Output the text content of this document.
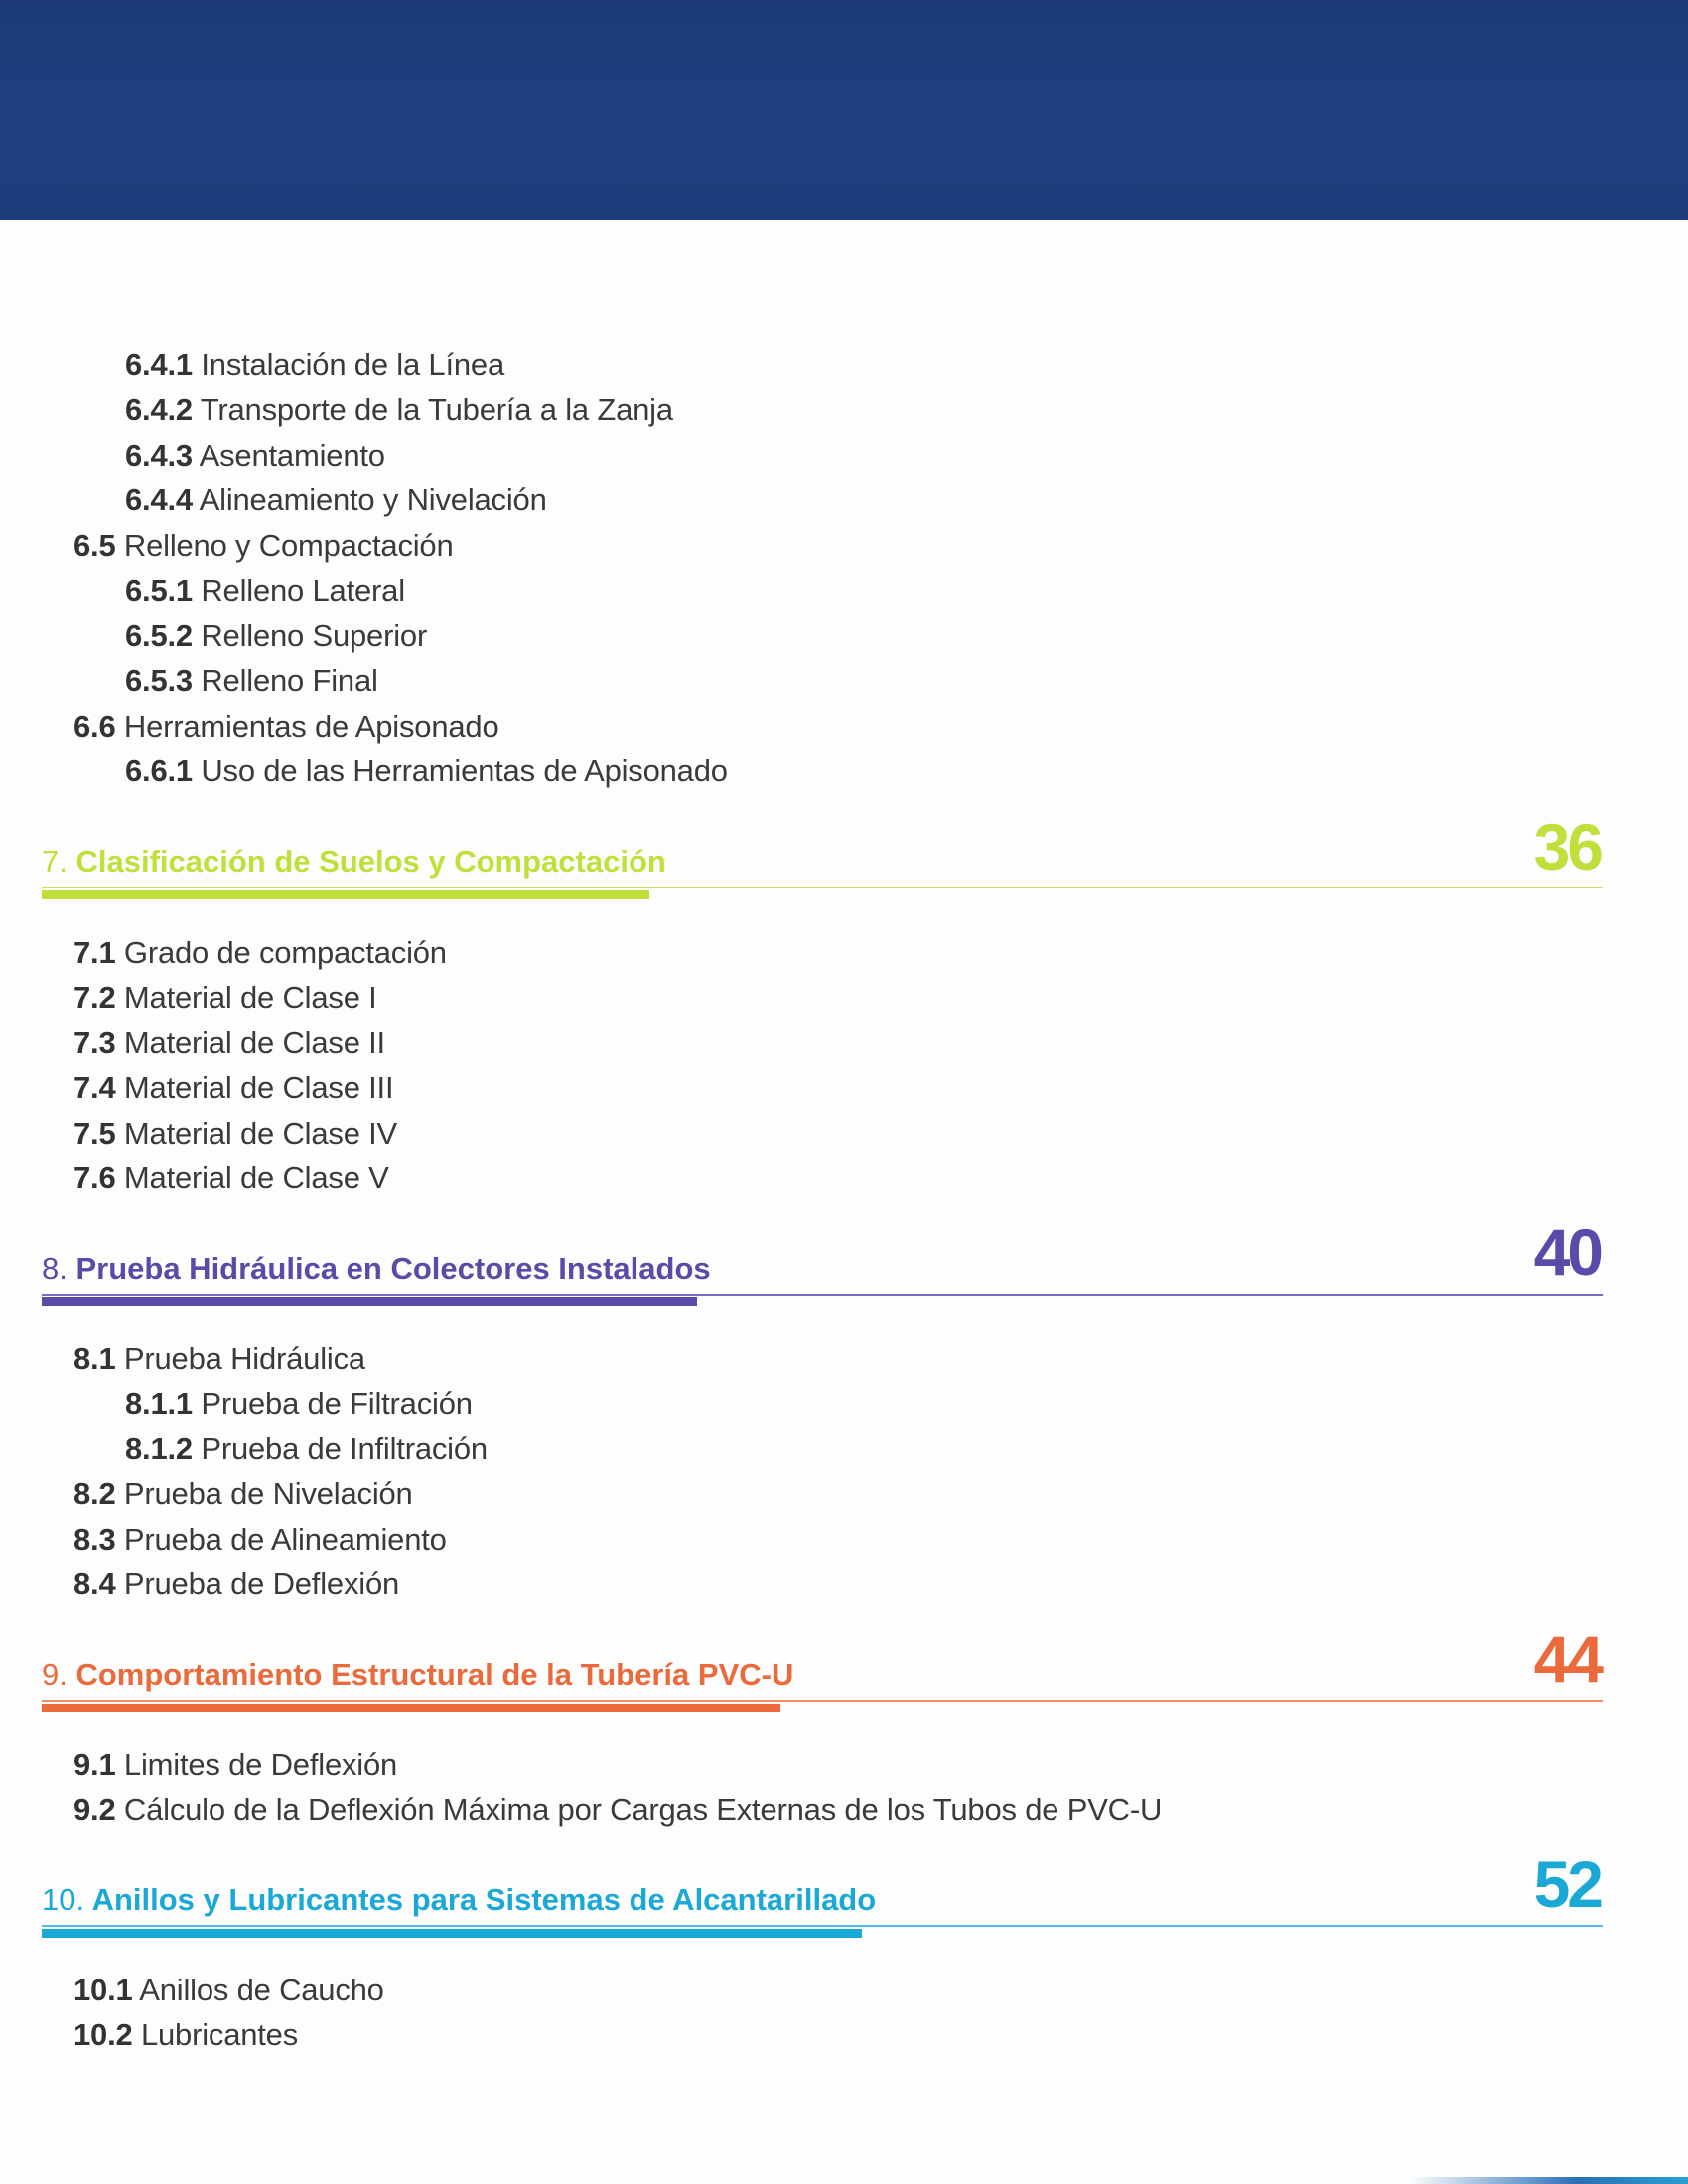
6.4.1 Instalación de la Línea
6.4.2 Transporte de la Tubería a la Zanja
6.4.3 Asentamiento
6.4.4 Alineamiento y Nivelación
6.5 Relleno y Compactación
6.5.1 Relleno Lateral
6.5.2 Relleno Superior
6.5.3 Relleno Final
6.6 Herramientas de Apisonado
6.6.1 Uso de las Herramientas de Apisonado
7. Clasificación de Suelos y Compactación	36
7.1 Grado de compactación
7.2 Material de Clase I
7.3 Material de Clase II
7.4 Material de Clase III
7.5 Material de Clase IV
7.6 Material de Clase V
8. Prueba Hidráulica en Colectores Instalados	40
8.1 Prueba Hidráulica
8.1.1 Prueba de Filtración
8.1.2 Prueba de Infiltración
8.2 Prueba de Nivelación
8.3 Prueba de Alineamiento
8.4 Prueba de Deflexión
9. Comportamiento Estructural de la Tubería PVC-U	44
9.1 Limites de Deflexión
9.2 Cálculo de la Deflexión Máxima por Cargas Externas de los Tubos de PVC-U
10. Anillos y Lubricantes para Sistemas de Alcantarillado	52
10.1 Anillos de Caucho
10.2 Lubricantes
